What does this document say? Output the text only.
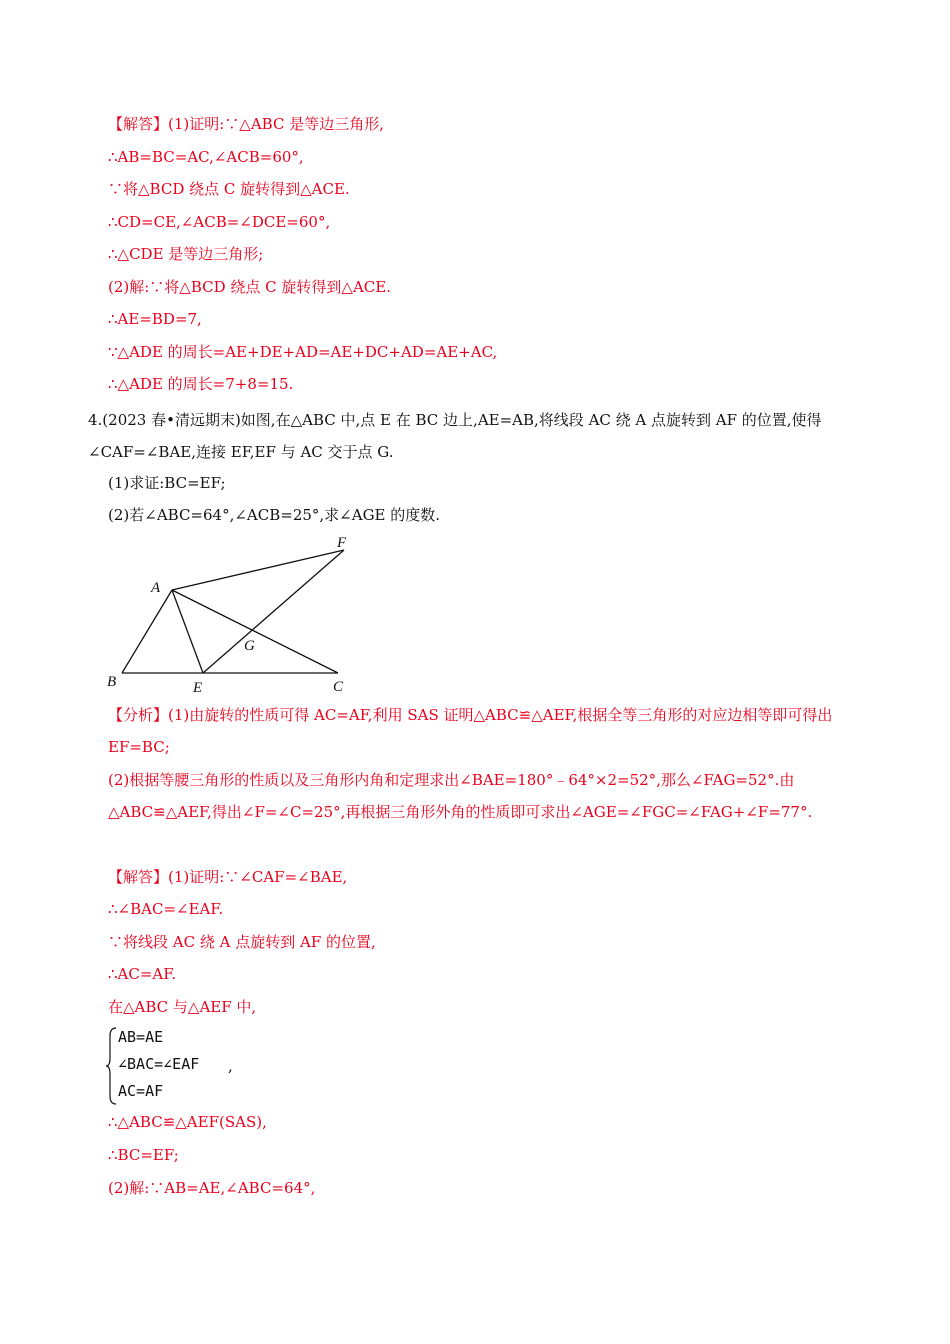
【解答】(1)证明:∵△ABC 是等边三角形,
∴AB=BC=AC,∠ACB=60°,
∵将△BCD 绕点 C 旋转得到△ACE.
∴CD=CE,∠ACB=∠DCE=60°,
∴△CDE 是等边三角形;
(2)解:∵将△BCD 绕点 C 旋转得到△ACE.
∴AE=BD=7,
∵△ADE 的周长=AE+DE+AD=AE+DC+AD=AE+AC,
∴△ADE 的周长=7+8=15.
4.(2023 春•清远期末)如图,在△ABC 中,点 E 在 BC 边上,AE=AB,将线段 AC 绕 A 点旋转到 AF 的位置,使得∠CAF=∠BAE,连接 EF,EF 与 AC 交于点 G.
(1)求证:BC=EF;
(2)若∠ABC=64°,∠ACB=25°,求∠AGE 的度数.
A
B	E	C
F
G
【分析】(1)由旋转的性质可得 AC=AF,利用 SAS 证明△ABC≌△AEF,根据全等三角形的对应边相等即可得出 EF=BC;
(2)根据等腰三角形的性质以及三角形内角和定理求出∠BAE=180°﹣64°×2=52°,那么∠FAG=52°.由△ABC≌△AEF,得出∠F=∠C=25°,再根据三角形外角的性质即可求出∠AGE=∠FGC=∠FAG+∠F=77°.
【解答】(1)证明:∵∠CAF=∠BAE,
∴∠BAC=∠EAF.
∵将线段 AC 绕 A 点旋转到 AF 的位置,
∴AC=AF.
在△ABC 与△AEF 中,
AB=AE
∠BAC=∠EAF
AC=AF
,
∴△ABC≌△AEF(SAS),
∴BC=EF;
(2)解:∵AB=AE,∠ABC=64°,
